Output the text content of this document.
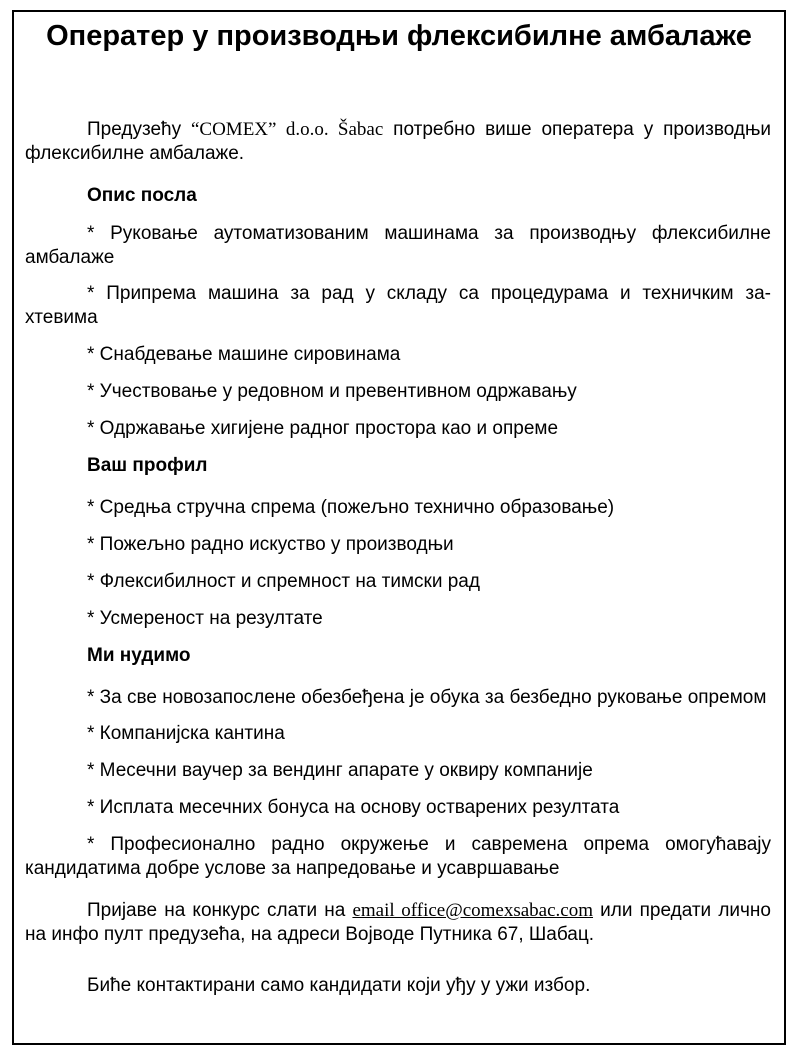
Оператер у производњи флексибилне амбалаже

Предузећу “COMEX” d.o.o. Šabac потребно више оператера у производњи флексибилне амбалаже.

Опис посла

* Руковање аутоматизованим машинама за производњу флексибилне амбалаже

* Припрема машина за рад у складу са процедурама и техничким за-хтевима

* Снабдевање машине сировинама

* Учествовање у редовном и превентивном одржавању

* Одржавање хигијене радног простора као и опреме

Ваш профил

* Средња стручна спрема (пожељно технично образовање)

* Пожељно радно искуство у производњи

* Флексибилност и спремност на тимски рад

* Усмереност на резултате

Ми нудимо

* За све новозапослене обезбеђена је обука за безбедно руковање опремом

* Компанијска кантина

* Месечни ваучер за вендинг апарате у оквиру компаније

* Исплата месечних бонуса на основу остварених резултата

* Професионално радно окружење и савремена опрема омогућавају кандидатима добре услове за напредовање и усавршавање

Пријаве на конкурс слати на email office@comexsabac.com или предати лично на инфо пулт предузећа, на адреси Војводе Путника 67, Шабац.

Биће контактирани само кандидати који уђу у ужи избор.
